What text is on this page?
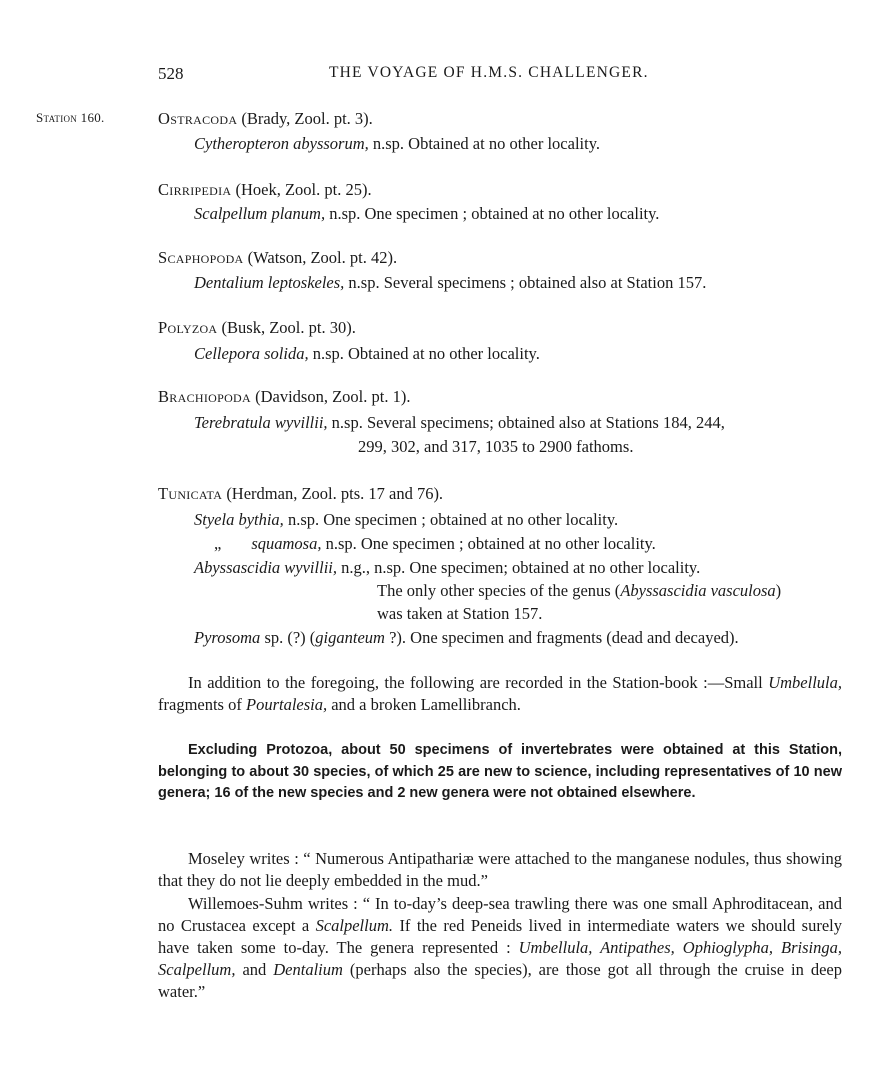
528	THE VOYAGE OF H.M.S. CHALLENGER.
Station 160.	Ostracoda (Brady, Zool. pt. 3).
Cytheropteron abyssorum, n.sp. Obtained at no other locality.
Cirripedia (Hoek, Zool. pt. 25).
Scalpellum planum, n.sp. One specimen ; obtained at no other locality.
Scaphopoda (Watson, Zool. pt. 42).
Dentalium leptoskeles, n.sp. Several specimens ; obtained also at Station 157.
Polyzoa (Busk, Zool. pt. 30).
Cellepora solida, n.sp. Obtained at no other locality.
Brachiopoda (Davidson, Zool. pt. 1).
Terebratula wyvillii, n.sp. Several specimens; obtained also at Stations 184, 244,
299, 302, and 317, 1035 to 2900 fathoms.
Tunicata (Herdman, Zool. pts. 17 and 76).
Styela bythia, n.sp. One specimen ; obtained at no other locality.
„ squamosa, n.sp. One specimen ; obtained at no other locality.
Abyssascidia wyvillii, n.g., n.sp. One specimen; obtained at no other locality.
The only other species of the genus (Abyssascidia vasculosa)
was taken at Station 157.
Pyrosoma sp. (?) (giganteum ?). One specimen and fragments (dead and decayed).
In addition to the foregoing, the following are recorded in the Station-book :—Small Umbellula, fragments of Pourtalesia, and a broken Lamellibranch.
Excluding Protozoa, about 50 specimens of invertebrates were obtained at this Station, belonging to about 30 species, of which 25 are new to science, including representatives of 10 new genera; 16 of the new species and 2 new genera were not obtained elsewhere.
Moseley writes : “ Numerous Antipathariæ were attached to the manganese nodules, thus showing that they do not lie deeply embedded in the mud.”
Willemoes-Suhm writes : “ In to-day’s deep-sea trawling there was one small Aphroditacean, and no Crustacea except a Scalpellum. If the red Peneids lived in intermediate waters we should surely have taken some to-day. The genera represented : Umbellula, Antipathes, Ophioglypha, Brisinga, Scalpellum, and Dentalium (perhaps also the species), are those got all through the cruise in deep water.”
